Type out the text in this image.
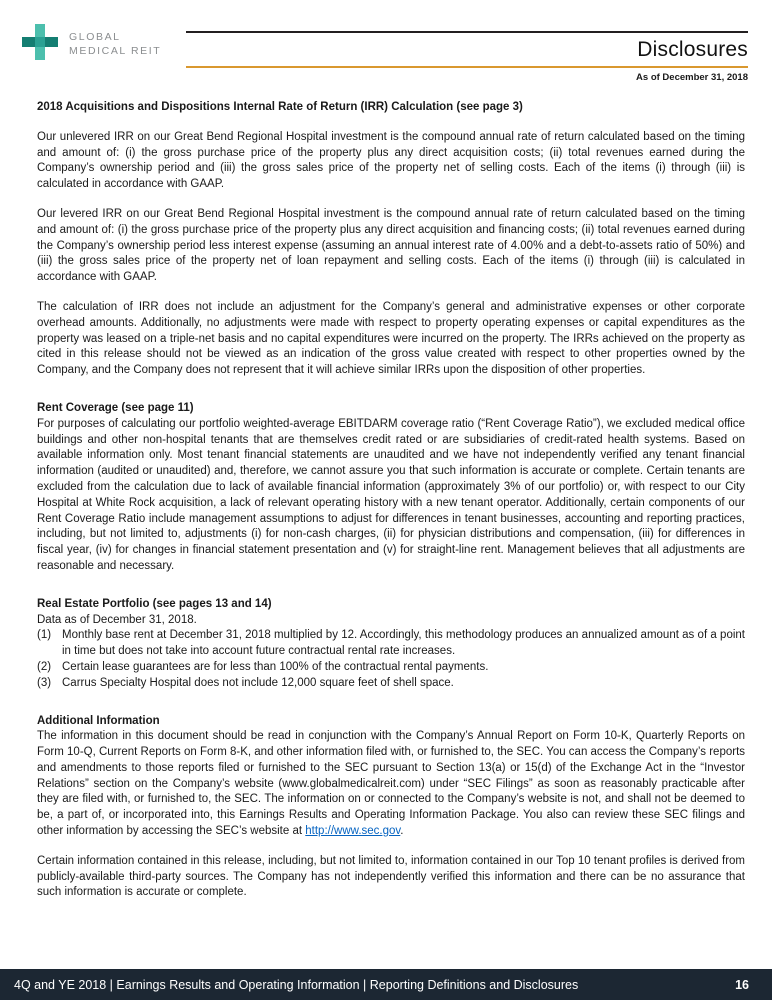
GLOBAL
MEDICAL REIT	Disclosures
As of December 31, 2018
2018 Acquisitions and Dispositions Internal Rate of Return (IRR) Calculation (see page 3)

Our unlevered IRR on our Great Bend Regional Hospital investment is the compound annual rate of return calculated based on the timing and amount of: (i) the gross purchase price of the property plus any direct acquisition costs; (ii) total revenues earned during the Company’s ownership period and (iii) the gross sales price of the property net of selling costs. Each of the items (i) through (iii) is calculated in accordance with GAAP.

Our levered IRR on our Great Bend Regional Hospital investment is the compound annual rate of return calculated based on the timing and amount of: (i) the gross purchase price of the property plus any direct acquisition and financing costs; (ii) total revenues earned during the Company’s ownership period less interest expense (assuming an annual interest rate of 4.00% and a debt-to-assets ratio of 50%) and (iii) the gross sales price of the property net of loan repayment and selling costs. Each of the items (i) through (iii) is calculated in accordance with GAAP.

The calculation of IRR does not include an adjustment for the Company’s general and administrative expenses or other corporate overhead amounts. Additionally, no adjustments were made with respect to property operating expenses or capital expenditures as the property was leased on a triple-net basis and no capital expenditures were incurred on the property. The IRRs achieved on the property as cited in this release should not be viewed as an indication of the gross value created with respect to other properties owned by the Company, and the Company does not represent that it will achieve similar IRRs upon the disposition of other properties.

Rent Coverage (see page 11)

For purposes of calculating our portfolio weighted-average EBITDARM coverage ratio (“Rent Coverage Ratio”), we excluded medical office buildings and other non-hospital tenants that are themselves credit rated or are subsidiaries of credit-rated health systems. Based on available information only. Most tenant financial statements are unaudited and we have not independently verified any tenant financial information (audited or unaudited) and, therefore, we cannot assure you that such information is accurate or complete. Certain tenants are excluded from the calculation due to lack of available financial information (approximately 3% of our portfolio) or, with respect to our City Hospital at White Rock acquisition, a lack of relevant operating history with a new tenant operator. Additionally, certain components of our Rent Coverage Ratio include management assumptions to adjust for differences in tenant businesses, accounting and reporting practices, including, but not limited to, adjustments (i) for non-cash charges, (ii) for physician distributions and compensation, (iii) for differences in fiscal year, (iv) for changes in financial statement presentation and (v) for straight-line rent. Management believes that all adjustments are reasonable and necessary.

Real Estate Portfolio (see pages 13 and 14)

Data as of December 31, 2018.

(1) Monthly base rent at December 31, 2018 multiplied by 12. Accordingly, this methodology produces an annualized amount as of a point in time but does not take into account future contractual rental rate increases.
(2) Certain lease guarantees are for less than 100% of the contractual rental payments.
(3) Carrus Specialty Hospital does not include 12,000 square feet of shell space.
Additional Information

The information in this document should be read in conjunction with the Company’s Annual Report on Form 10-K, Quarterly Reports on Form 10-Q, Current Reports on Form 8-K, and other information filed with, or furnished to, the SEC. You can access the Company’s reports and amendments to those reports filed or furnished to the SEC pursuant to Section 13(a) or 15(d) of the Exchange Act in the “Investor Relations” section on the Company’s website (www.globalmedicalreit.com) under “SEC Filings” as soon as reasonably practicable after they are filed with, or furnished to, the SEC. The information on or connected to the Company’s website is not, and shall not be deemed to be, a part of, or incorporated into, this Earnings Results and Operating Information Package. You also can review these SEC filings and other information by accessing the SEC’s website at http://www.sec.gov.

Certain information contained in this release, including, but not limited to, information contained in our Top 10 tenant profiles is derived from publicly-available third-party sources. The Company has not independently verified this information and there can be no assurance that such information is accurate or complete.

4Q and YE 2018 | Earnings Results and Operating Information | Reporting Definitions and Disclosures	16
